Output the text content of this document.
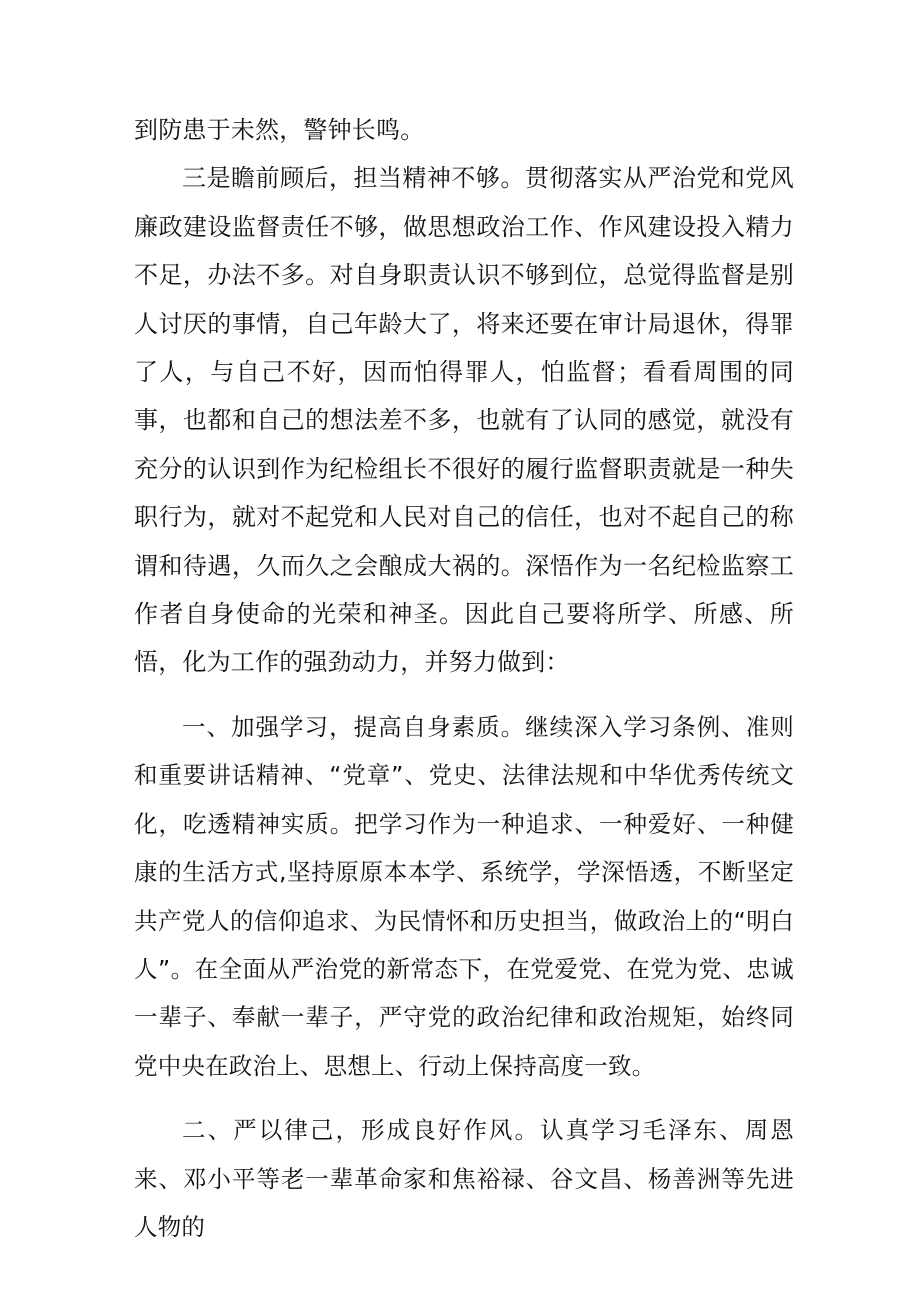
到防患于未然，警钟长鸣。

三是瞻前顾后，担当精神不够。贯彻落实从严治党和党风廉政建设监督责任不够，做思想政治工作、作风建设投入精力不足，办法不多。对自身职责认识不够到位，总觉得监督是别人讨厌的事情，自己年龄大了，将来还要在审计局退休，得罪了人，与自己不好，因而怕得罪人，怕监督；看看周围的同事，也都和自己的想法差不多，也就有了认同的感觉，就没有充分的认识到作为纪检组长不很好的履行监督职责就是一种失职行为，就对不起党和人民对自己的信任，也对不起自己的称谓和待遇，久而久之会酿成大祸的。深悟作为一名纪检监察工作者自身使命的光荣和神圣。因此自己要将所学、所感、所悟，化为工作的强劲动力，并努力做到：

一、加强学习，提高自身素质。继续深入学习条例、准则和重要讲话精神、“党章”、党史、法律法规和中华优秀传统文化，吃透精神实质。把学习作为一种追求、一种爱好、一种健康的生活方式,坚持原原本本学、系统学，学深悟透，不断坚定共产党人的信仰追求、为民情怀和历史担当，做政治上的“明白人”。在全面从严治党的新常态下，在党爱党、在党为党、忠诚一辈子、奉献一辈子，严守党的政治纪律和政治规矩，始终同党中央在政治上、思想上、行动上保持高度一致。

二、严以律己，形成良好作风。认真学习毛泽东、周恩来、邓小平等老一辈革命家和焦裕禄、谷文昌、杨善洲等先进人物的
